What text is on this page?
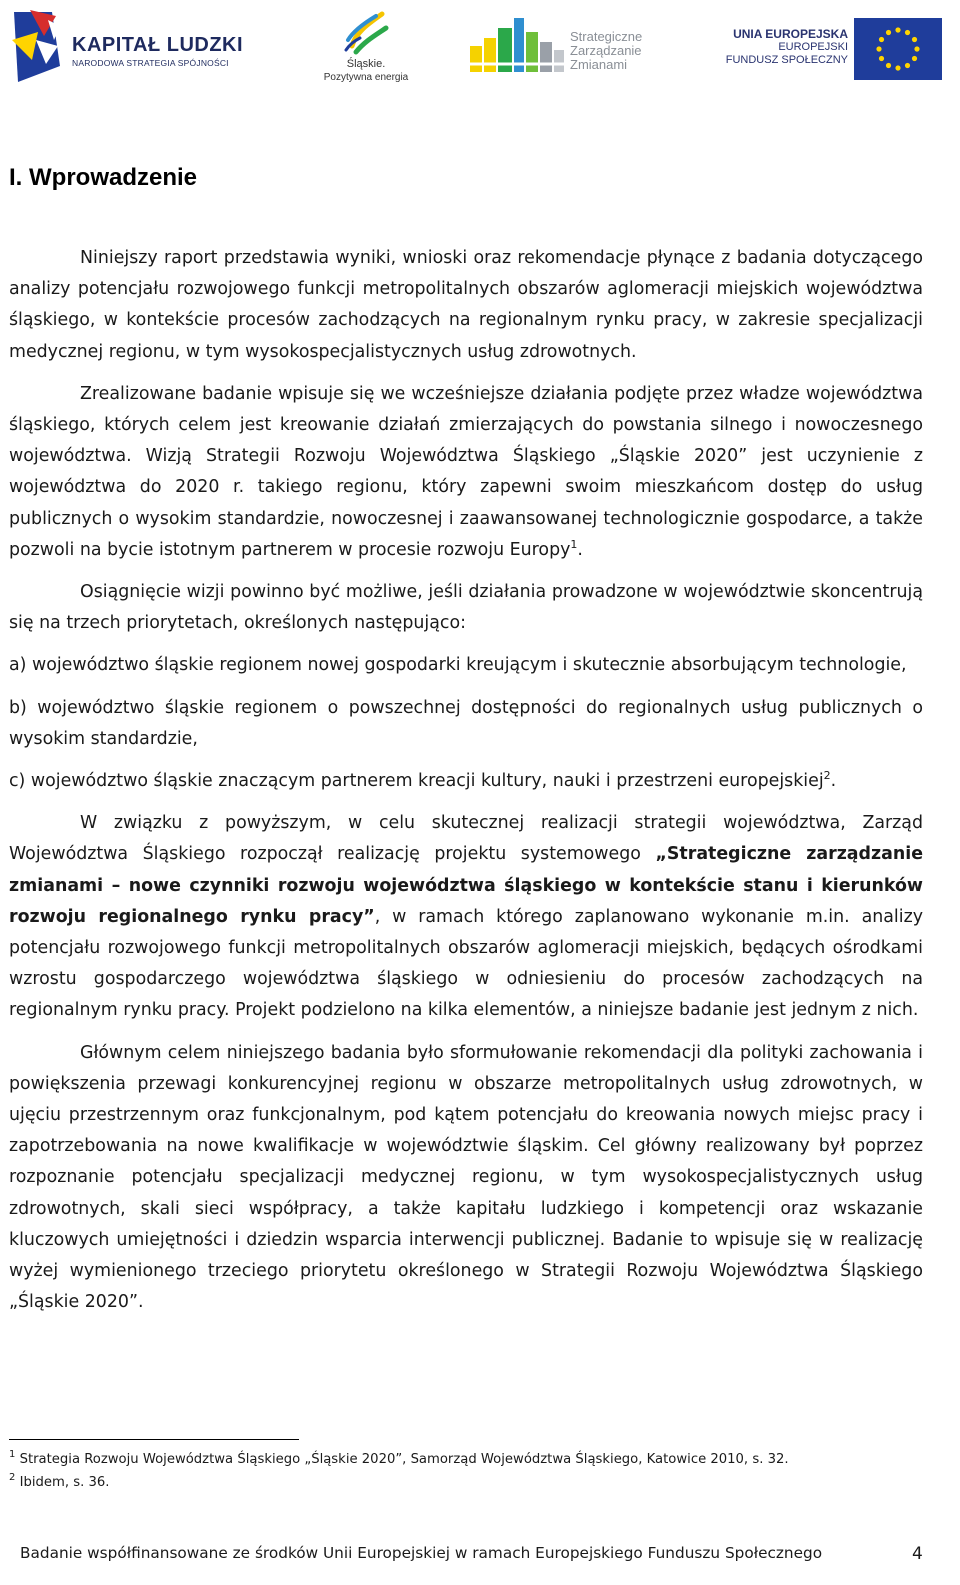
KAPITAŁ LUDZKI
NARODOWA STRATEGIA SPÓJNOŚCI	Śląskie.
Pozytywna energia
Strategiczne
Zarządzanie
Zmianami
UNIA EUROPEJSKA
EUROPEJSKI
FUNDUSZ SPOŁECZNY
I. Wprowadzenie

Niniejszy raport przedstawia wyniki, wnioski oraz rekomendacje płynące z badania dotyczącego analizy potencjału rozwojowego funkcji metropolitalnych obszarów aglomeracji miejskich województwa śląskiego, w kontekście procesów zachodzących na regionalnym rynku pracy, w zakresie specjalizacji medycznej regionu, w tym wysokospecjalistycznych usług zdrowotnych.

Zrealizowane badanie wpisuje się we wcześniejsze działania podjęte przez władze województwa śląskiego, których celem jest kreowanie działań zmierzających do powstania silnego i nowoczesnego województwa. Wizją Strategii Rozwoju Województwa Śląskiego „Śląskie 2020” jest uczynienie z województwa do 2020 r. takiego regionu, który zapewni swoim mieszkańcom dostęp do usług publicznych o wysokim standardzie, nowoczesnej i zaawansowanej technologicznie gospodarce, a także pozwoli na bycie istotnym partnerem w procesie rozwoju Europy$^1$.

Osiągnięcie wizji powinno być możliwe, jeśli działania prowadzone w województwie skoncentrują się na trzech priorytetach, określonych następująco:

a) województwo śląskie regionem nowej gospodarki kreującym i skutecznie absorbującym technologie,

b) województwo śląskie regionem o powszechnej dostępności do regionalnych usług publicznych o wysokim standardzie,

c) województwo śląskie znaczącym partnerem kreacji kultury, nauki i przestrzeni europejskiej$^2$.

W związku z powyższym, w celu skutecznej realizacji strategii województwa, Zarząd Województwa Śląskiego rozpoczął realizację projektu systemowego „Strategiczne zarządzanie zmianami – nowe czynniki rozwoju województwa śląskiego w kontekście stanu i kierunków rozwoju regionalnego rynku pracy”, w ramach którego zaplanowano wykonanie m.in. analizy potencjału rozwojowego funkcji metropolitalnych obszarów aglomeracji miejskich, będących ośrodkami wzrostu gospodarczego województwa śląskiego w odniesieniu do procesów zachodzących na regionalnym rynku pracy. Projekt podzielono na kilka elementów, a niniejsze badanie jest jednym z nich.

Głównym celem niniejszego badania było sformułowanie rekomendacji dla polityki zachowania i powiększenia przewagi konkurencyjnej regionu w obszarze metropolitalnych usług zdrowotnych, w ujęciu przestrzennym oraz funkcjonalnym, pod kątem potencjału do kreowania nowych miejsc pracy i zapotrzebowania na nowe kwalifikacje w województwie śląskim. Cel główny realizowany był poprzez rozpoznanie potencjału specjalizacji medycznej regionu, w tym wysokospecjalistycznych usług zdrowotnych, skali sieci współpracy, a także kapitału ludzkiego i kompetencji oraz wskazanie kluczowych umiejętności i dziedzin wsparcia interwencji publicznej. Badanie to wpisuje się w realizację wyżej wymienionego trzeciego priorytetu określonego w Strategii Rozwoju Województwa Śląskiego „Śląskie 2020”.

$^1$ Strategia Rozwoju Województwa Śląskiego „Śląskie 2020”, Samorząd Województwa Śląskiego, Katowice 2010, s. 32.

$^2$ Ibidem, s. 36.

Badanie współfinansowane ze środków Unii Europejskiej w ramach Europejskiego Funduszu Społecznego	4
